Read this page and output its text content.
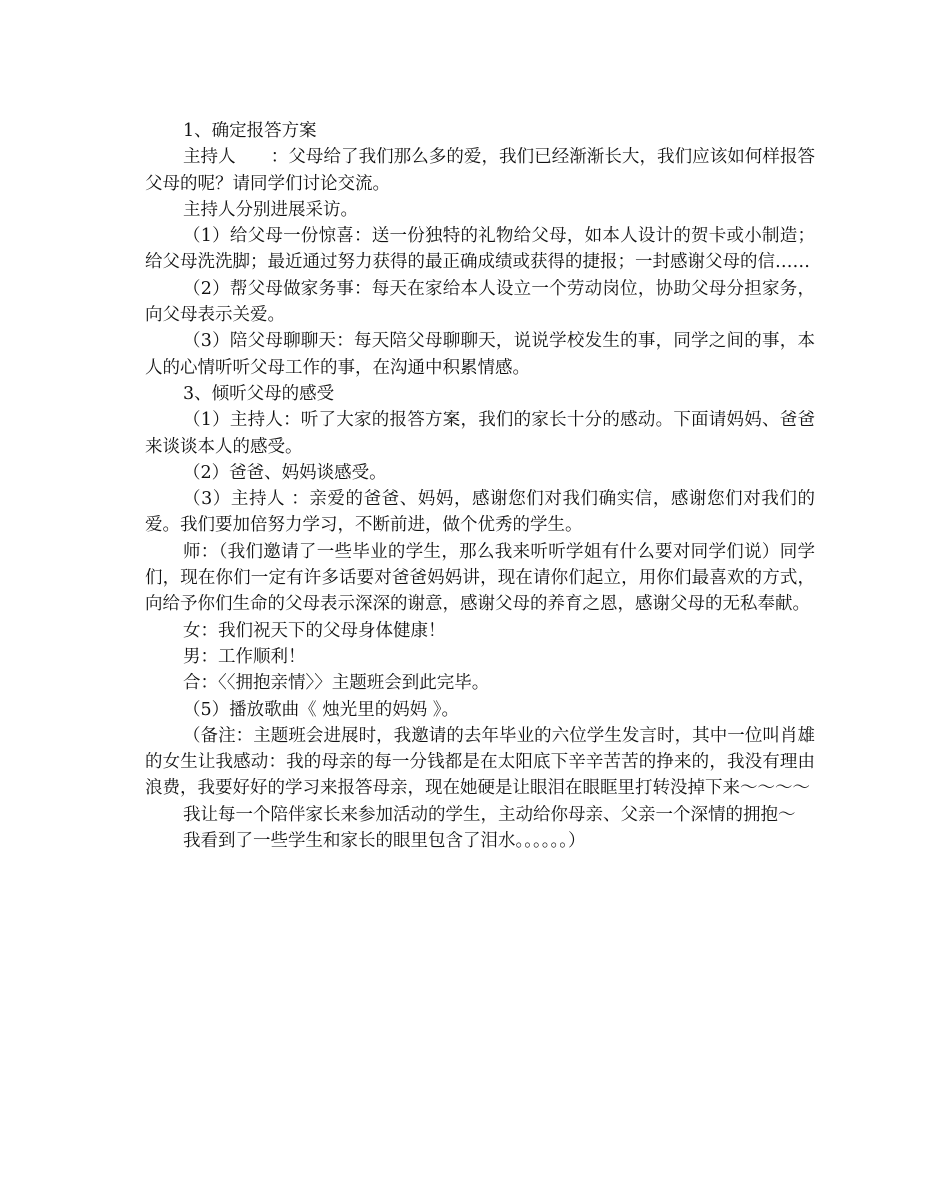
1、确定报答方案

主持人　　：父母给了我们那么多的爱，我们已经渐渐长大，我们应该如何样报答父母的呢？请同学们讨论交流。

主持人分别进展采访。

（1）给父母一份惊喜：送一份独特的礼物给父母，如本人设计的贺卡或小制造；给父母洗洗脚；最近通过努力获得的最正确成绩或获得的捷报；一封感谢父母的信……

（2）帮父母做家务事：每天在家给本人设立一个劳动岗位，协助父母分担家务，向父母表示关爱。

（3）陪父母聊聊天：每天陪父母聊聊天，说说学校发生的事，同学之间的事，本人的心情听听父母工作的事，在沟通中积累情感。

3、倾听父母的感受

（1）主持人：听了大家的报答方案，我们的家长十分的感动。下面请妈妈、爸爸来谈谈本人的感受。

（2）爸爸、妈妈谈感受。

（3）主持人 ：亲爱的爸爸、妈妈，感谢您们对我们确实信，感谢您们对我们的爱。我们要加倍努力学习，不断前进，做个优秀的学生。

师：（我们邀请了一些毕业的学生，那么我来听听学姐有什么要对同学们说）同学们，现在你们一定有许多话要对爸爸妈妈讲，现在请你们起立，用你们最喜欢的方式，向给予你们生命的父母表示深深的谢意，感谢父母的养育之恩，感谢父母的无私奉献。

女：我们祝天下的父母身体健康！

男：工作顺利！

合：〈〈拥抱亲情〉〉主题班会到此完毕。

（5）播放歌曲《 烛光里的妈妈 》。

（备注：主题班会进展时，我邀请的去年毕业的六位学生发言时，其中一位叫肖雄的女生让我感动：我的母亲的每一分钱都是在太阳底下辛辛苦苦的挣来的，我没有理由浪费，我要好好的学习来报答母亲，现在她硬是让眼泪在眼眶里打转没掉下来～～～～

我让每一个陪伴家长来参加活动的学生，主动给你母亲、父亲一个深情的拥抱～

我看到了一些学生和家长的眼里包含了泪水。。。。。。）
